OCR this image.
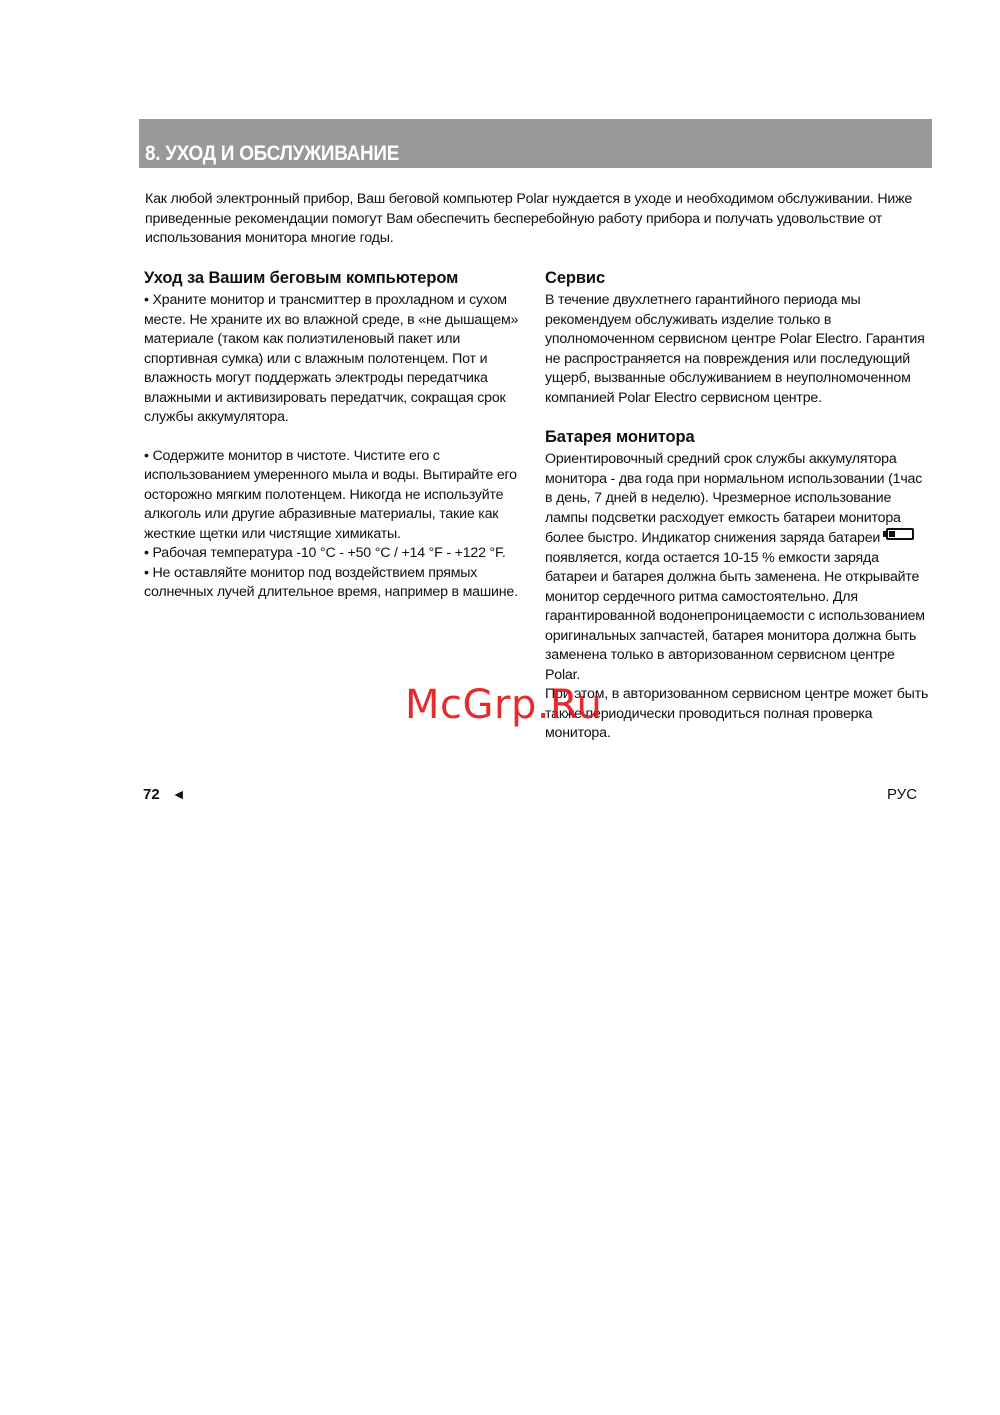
8. УХОД И ОБСЛУЖИВАНИЕ

Как любой электронный прибор, Ваш беговой компьютер Polar нуждается в уходе и необходимом обслуживании. Ниже приведенные рекомендации помогут Вам обеспечить бесперебойную работу прибора и получать удовольствие от использования монитора многие годы.

Уход за Вашим беговым компьютером

• Храните монитор и трансмиттер в прохладном и сухом месте. Не храните их во влажной среде, в «не дышащем» материале (таком как полиэтиленовый пакет или спортивная сумка) или с влажным полотенцем. Пот и влажность могут поддержать электроды передатчика влажными и активизировать передатчик, сокращая срок службы аккумулятора.

• Содержите монитор в чистоте. Чистите его с использованием умеренного мыла и воды. Вытирайте его осторожно мягким полотенцем. Никогда не используйте алкоголь или другие абразивные материалы, такие как жесткие щетки или чистящие химикаты.

• Рабочая температура -10 °C - +50 °C / +14 °F - +122 °F.

• Не оставляйте монитор под воздействием прямых солнечных лучей длительное время, например в машине.

Сервис

В течение двухлетнего гарантийного периода мы рекомендуем обслуживать изделие только в уполномоченном сервисном центре Polar Electro. Гарантия не распространяется на повреждения или последующий ущерб, вызванные обслуживанием в неуполномоченном компанией Polar Electro сервисном центре.

Батарея монитора

Ориентировочный средний срок службы аккумулятора монитора - два года при нормальном использовании (1час в день, 7 дней в неделю). Чрезмерное использование лампы подсветки расходует емкость батареи монитора более быстро. Индикатор снижения заряда батареи появляется, когда остается 10-15 % емкости заряда батареи и батарея должна быть заменена. Не открывайте монитор сердечного ритма самостоятельно. Для гарантированной водонепроницаемости с использованием оригинальных запчастей, батарея монитора должна быть заменена только в авторизованном сервисном центре Polar.

При этом, в авторизованном сервисном центре может быть также периодически проводиться полная проверка монитора.

McGrp.Ru
72 ◄	РУС
